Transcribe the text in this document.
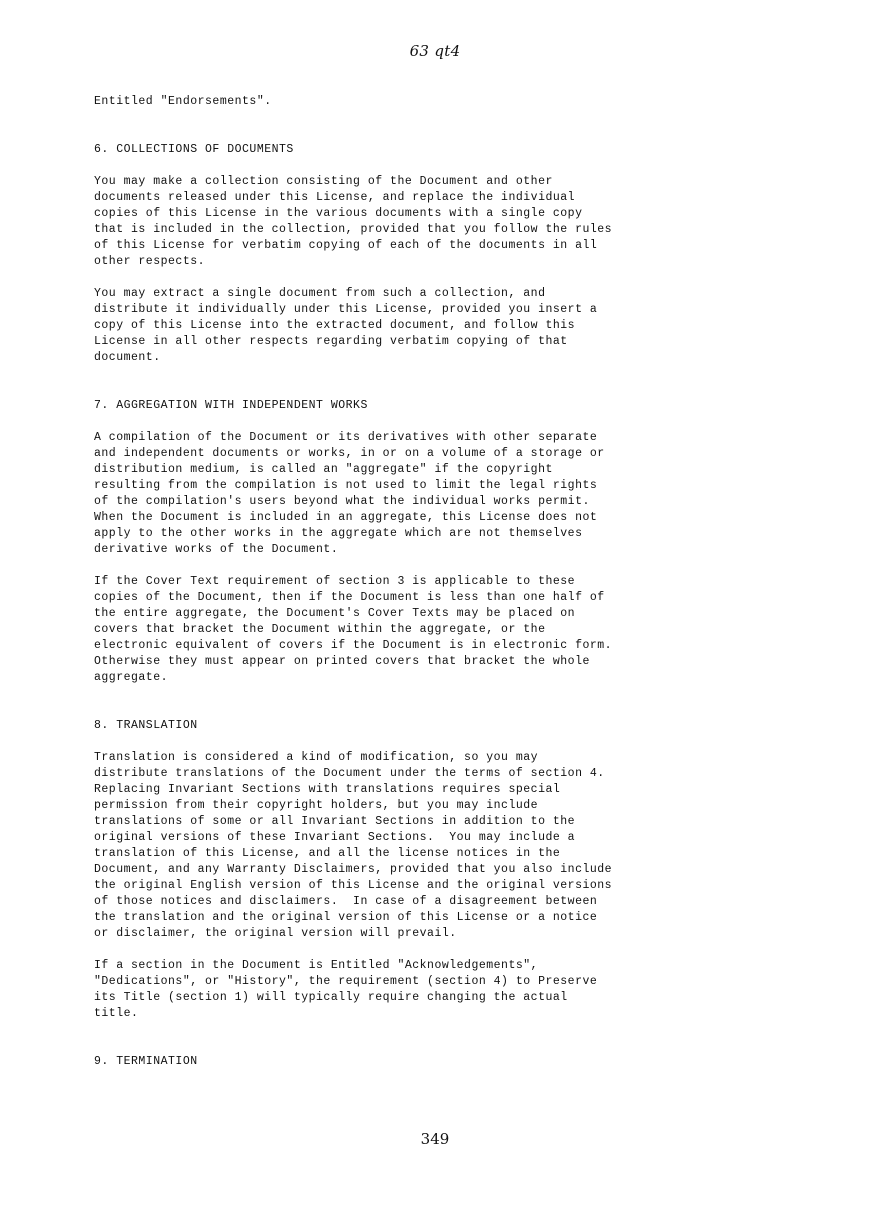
63 qt4
Entitled "Endorsements".
6. COLLECTIONS OF DOCUMENTS
You may make a collection consisting of the Document and other
documents released under this License, and replace the individual
copies of this License in the various documents with a single copy
that is included in the collection, provided that you follow the rules
of this License for verbatim copying of each of the documents in all
other respects.
You may extract a single document from such a collection, and
distribute it individually under this License, provided you insert a
copy of this License into the extracted document, and follow this
License in all other respects regarding verbatim copying of that
document.
7. AGGREGATION WITH INDEPENDENT WORKS
A compilation of the Document or its derivatives with other separate
and independent documents or works, in or on a volume of a storage or
distribution medium, is called an "aggregate" if the copyright
resulting from the compilation is not used to limit the legal rights
of the compilation's users beyond what the individual works permit.
When the Document is included in an aggregate, this License does not
apply to the other works in the aggregate which are not themselves
derivative works of the Document.
If the Cover Text requirement of section 3 is applicable to these
copies of the Document, then if the Document is less than one half of
the entire aggregate, the Document's Cover Texts may be placed on
covers that bracket the Document within the aggregate, or the
electronic equivalent of covers if the Document is in electronic form.
Otherwise they must appear on printed covers that bracket the whole
aggregate.
8. TRANSLATION
Translation is considered a kind of modification, so you may
distribute translations of the Document under the terms of section 4.
Replacing Invariant Sections with translations requires special
permission from their copyright holders, but you may include
translations of some or all Invariant Sections in addition to the
original versions of these Invariant Sections.  You may include a
translation of this License, and all the license notices in the
Document, and any Warranty Disclaimers, provided that you also include
the original English version of this License and the original versions
of those notices and disclaimers.  In case of a disagreement between
the translation and the original version of this License or a notice
or disclaimer, the original version will prevail.
If a section in the Document is Entitled "Acknowledgements",
"Dedications", or "History", the requirement (section 4) to Preserve
its Title (section 1) will typically require changing the actual
title.
9. TERMINATION
349
